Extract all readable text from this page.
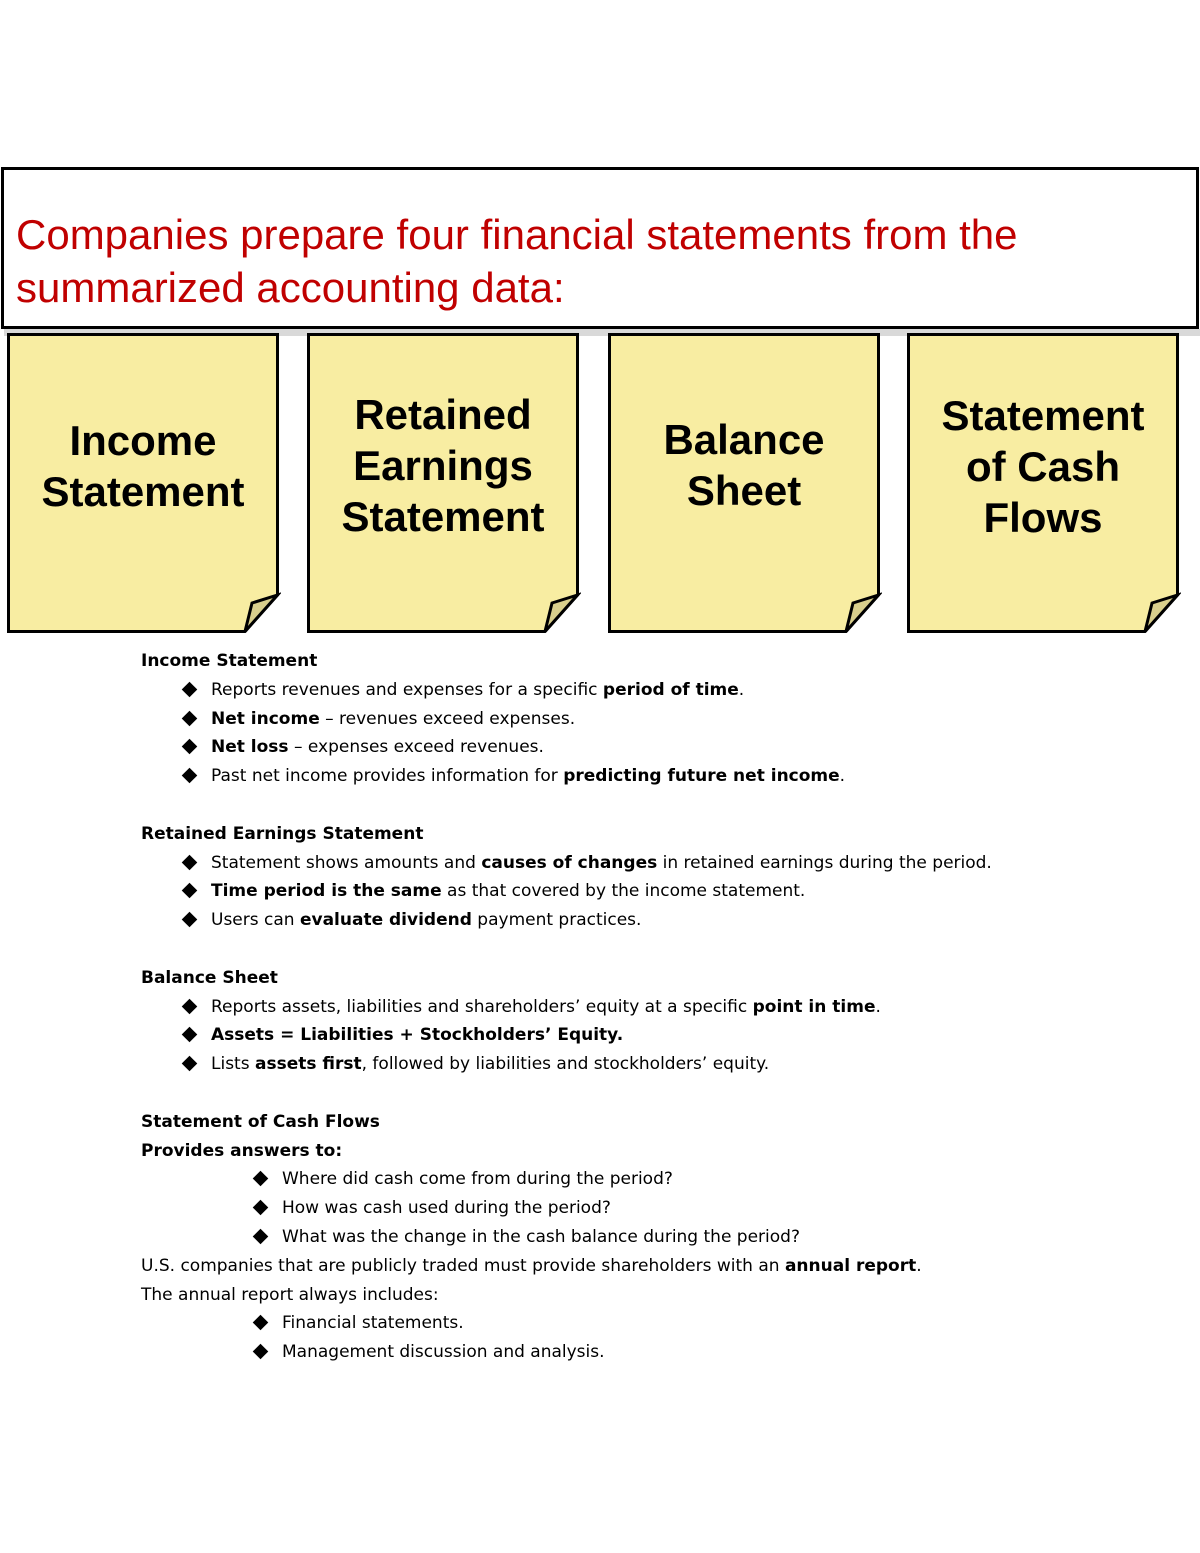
Companies prepare four financial statements from the
summarized accounting data:
Income
Statement
Retained
Earnings
Statement
Balance
Sheet
Statement
of Cash
Flows

Income Statement

Reports revenues and expenses for a specific period of time.
Net income – revenues exceed expenses.
Net loss – expenses exceed revenues.
Past net income provides information for predicting future net income.

Retained Earnings Statement

Statement shows amounts and causes of changes in retained earnings during the period.
Time period is the same as that covered by the income statement.
Users can evaluate dividend payment practices.

Balance Sheet

Reports assets, liabilities and shareholders’ equity at a specific point in time.
Assets = Liabilities + Stockholders’ Equity.
Lists assets first, followed by liabilities and stockholders’ equity.

Statement of Cash Flows

Provides answers to:

Where did cash come from during the period?
How was cash used during the period?
What was the change in the cash balance during the period?

U.S. companies that are publicly traded must provide shareholders with an annual report.

The annual report always includes:

Financial statements.
Management discussion and analysis.
